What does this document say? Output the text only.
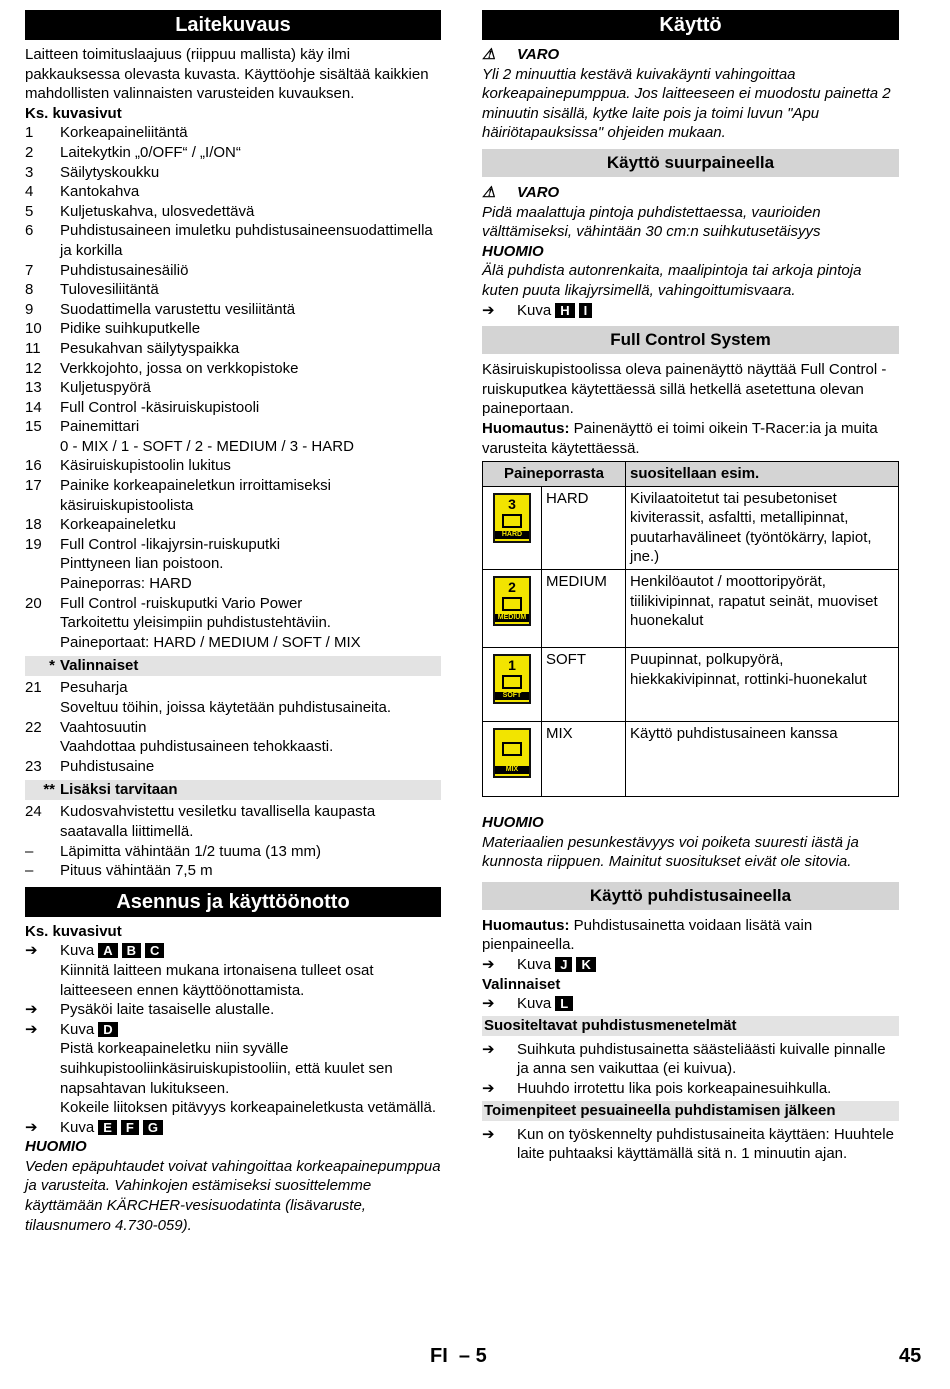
Laitekuvaus

Laitteen toimituslaajuus (riippuu mallista) käy ilmi pakkauksessa olevasta kuvasta. Käyttöohje sisältää kaikkien mahdollisten valinnaisten varusteiden kuvauksen.

Ks. kuvasivut

1	Korkeapaineliitäntä
2	Laitekytkin „0/OFF“ / „I/ON“
3	Säilytyskoukku
4	Kantokahva
5	Kuljetuskahva, ulosvedettävä
6	Puhdistusaineen imuletku puhdistusaineensuodattimella ja korkilla
7	Puhdistusainesäiliö
8	Tulovesiliitäntä
9	Suodattimella varustettu vesiliitäntä
10	Pidike suihkuputkelle
11	Pesukahvan säilytyspaikka
12	Verkkojohto, jossa on verkkopistoke
13	Kuljetuspyörä
14	Full Control -käsiruiskupistooli
15	Painemittari
0 - MIX / 1 - SOFT / 2 - MEDIUM / 3 - HARD
16	Käsiruiskupistoolin lukitus
17	Painike korkeapaineletkun irroittamiseksi käsiruiskupistoolista
18	Korkeapaineletku
19	Full Control -likajyrsin-ruiskuputki
Pinttyneen lian poistoon.
Paineporras: HARD
20	Full Control -ruiskuputki Vario Power
Tarkoitettu yleisimpiin puhdistustehtäviin.
Paineportaat: HARD / MEDIUM / SOFT / MIX
* Valinnaiset
21	Pesuharja
Soveltuu töihin, joissa käytetään puhdistusaineita.
22	Vaahtosuutin
Vaahdottaa puhdistusaineen tehokkaasti.
23	Puhdistusaine
** Lisäksi tarvitaan
24	Kudosvahvistettu vesiletku tavallisella kaupasta saatavalla liittimellä.
–	Läpimitta vähintään 1/2 tuuma (13 mm)
–	Pituus vähintään 7,5 m
Asennus ja käyttöönotto

Ks. kuvasivut

➔	Kuva A B C
Kiinnitä laitteen mukana irtonaisena tulleet osat laitteeseen ennen käyttöönottamista.
➔	Pysäköi laite tasaiselle alustalle.
➔	Kuva D
Pistä korkeapaineletku niin syvälle suihkupistooliinkäsiruiskupistooliin, että kuulet sen napsahtavan lukitukseen.
Kokeile liitoksen pitävyys korkeapaineletkusta vetämällä.
➔	Kuva E F G

HUOMIO

Veden epäpuhtaudet voivat vahingoittaa korkeapainepumppua ja varusteita. Vahinkojen estämiseksi suosittelemme käyttämään KÄRCHER-vesisuodatinta (lisävaruste, tilausnumero 4.730-059).

Käyttö
⚠	VARO

Yli 2 minuuttia kestävä kuivakäynti vahingoittaa korkeapainepumppua. Jos laitteeseen ei muodostu painetta 2 minuutin sisällä, kytke laite pois ja toimi luvun "Apu häiriötapauksissa" ohjeiden mukaan.

Käyttö suurpaineella
⚠	VARO

Pidä maalattuja pintoja puhdistettaessa, vaurioiden välttämiseksi, vähintään 30 cm:n suihkutusetäisyys

HUOMIO

Älä puhdista autonrenkaita, maalipintoja tai arkoja pintoja kuten puuta likajyrsimellä, vahingoittumisvaara.

➔	Kuva H I
Full Control System

Käsiruiskupistoolissa oleva painenäyttö näyttää Full Control -ruiskuputkea käytettäessä sillä hetkellä asetettuna olevan paineportaan.

Huomautus: Painenäyttö ei toimi oikein T-Racer:ia ja muita varusteita käytettäessä.

Paineporrasta		suositellaan esim.

3
HARD	HARD	Kivilaatoitetut tai pesubetoniset kiviterassit, asfaltti, metallipinnat, puutarhavälineet (työntökärry, lapiot, jne.)

2
MEDIUM	MEDIUM	Henkilöautot / moottoripyörät, tiilikivipinnat, rapatut seinät, muoviset huonekalut

1
SOFT	SOFT	Puupinnat, polkupyörä, hiekkakivipinnat, rottinki-huonekalut

MIX	MIX	Käyttö puhdistusaineen kanssa

HUOMIO

Materiaalien pesunkestävyys voi poiketa suuresti iästä ja kunnosta riippuen. Mainitut suositukset eivät ole sitovia.

Käyttö puhdistusaineella

Huomautus: Puhdistusainetta voidaan lisätä vain pienpaineella.

➔	Kuva J K

Valinnaiset

➔	Kuva L
Suositeltavat puhdistusmenetelmät
➔	Suihkuta puhdistusainetta säästeliäästi kuivalle pinnalle ja anna sen vaikuttaa (ei kuivua).
➔	Huuhdo irrotettu lika pois korkeapainesuihkulla.
Toimenpiteet pesuaineella puhdistamisen jälkeen
➔	Kun on työskennelty puhdistusaineita käyttäen: Huuhtele laite puhtaaksi käyttämällä sitä n. 1 minuutin ajan.
FI – 5	45
